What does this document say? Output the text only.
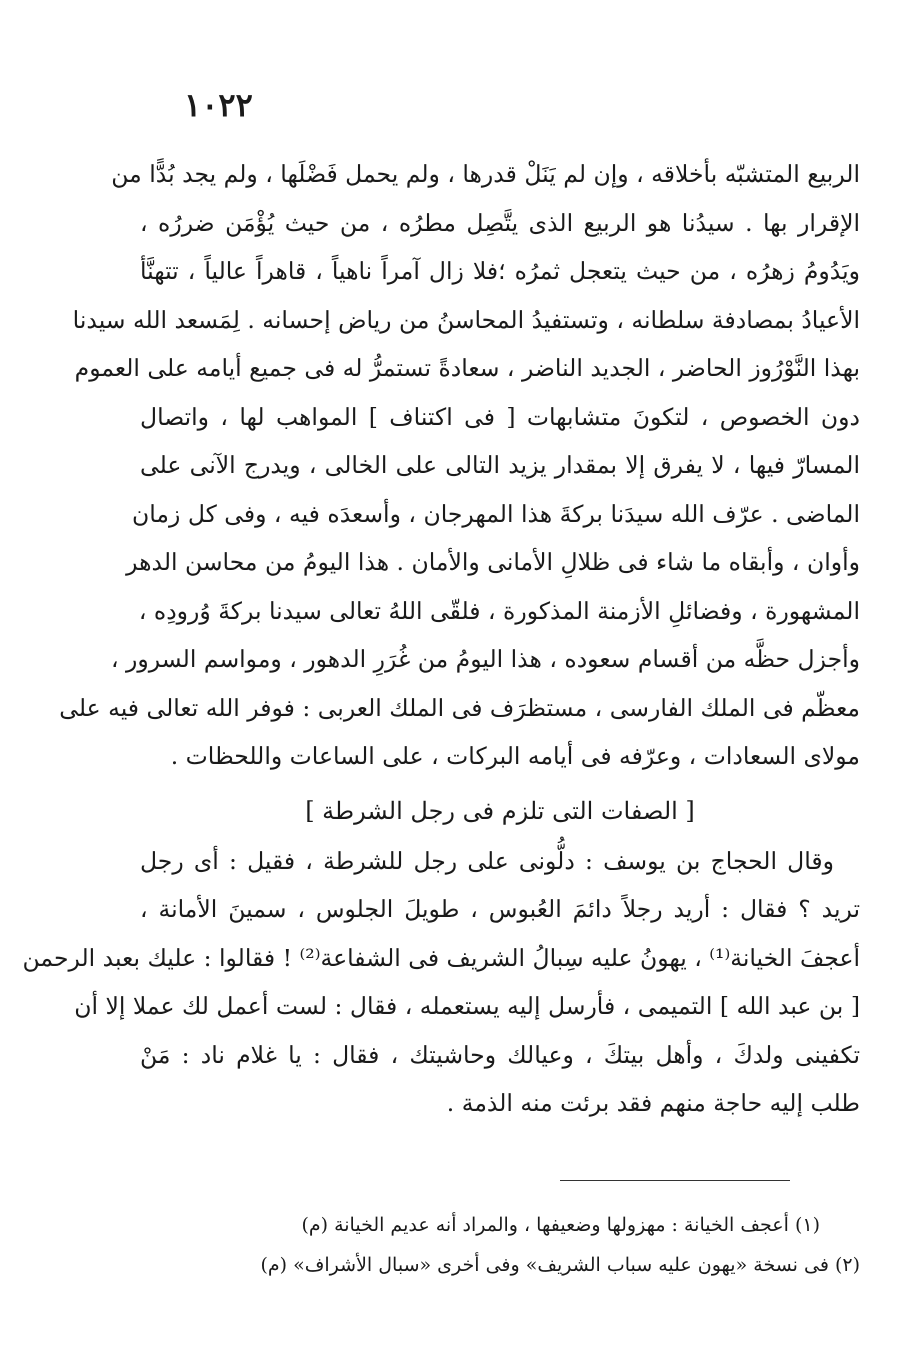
١٠٢٢
الربيع المتشبّه بأخلاقه ، وإن لم يَنَلْ قدرها ، ولم يحمل فَضْلَها ، ولم يجد بُدًّا من
الإقرار بها . سيدُنا هو الربيع الذى يتَّصِل مطرُه ، من حيث يُؤْمَن ضررُه ،
ويَدُومُ زهرُه ، من حيث يتعجل ثمرُه ؛فلا زال آمراً ناهياً ، قاهراً عالياً ، تتهنَّأ
الأعيادُ بمصادفة سلطانه ، وتستفيدُ المحاسنُ من رياض إحسانه . لِمَسعد الله سيدنا
بهذا النَّوْرُوز الحاضر ، الجديد الناضر ، سعادةً تستمرُّ له فى جميع أيامه على العموم
دون الخصوص ، لتكونَ متشابهات [ فى اكتناف ] المواهب لها ، واتصال
المسارّ فيها ، لا يفرق إلا بمقدار يزيد التالى على الخالى ، ويدرج الآنى على
الماضى . عرّف الله سيدَنا بركةَ هذا المهرجان ، وأسعدَه فيه ، وفى كل زمان
وأوان ، وأبقاه ما شاء فى ظلالِ الأمانى والأمان . هذا اليومُ من محاسن الدهر
المشهورة ، وفضائلِ الأزمنة المذكورة ، فلقّى اللهُ تعالى سيدنا بركةَ وُرودِه ،
وأجزل حظَّه من أقسام سعوده ، هذا اليومُ من غُرَرِ الدهور ، ومواسم السرور ،
معظّم فى الملك الفارسى ، مستظرَف فى الملك العربى : فوفر الله تعالى فيه على
مولاى السعادات ، وعرّفه فى أيامه البركات ، على الساعات واللحظات .
[ الصفات التى تلزم فى رجل الشرطة ]
وقال الحجاج بن يوسف : دلُّونى على رجل للشرطة ، فقيل : أى رجل
تريد ؟ فقال : أريد رجلاً دائمَ العُبوس ، طويلَ الجلوس ، سمينَ الأمانة ،
أعجفَ الخيانة⁽¹⁾ ، يهونُ عليه سِبالُ الشريف فى الشفاعة⁽²⁾ ! فقالوا : عليك بعبد الرحمن
[ بن عبد الله ] التميمى ، فأرسل إليه يستعمله ، فقال : لست أعمل لك عملا إلا أن
تكفينى ولدكَ ، وأهل بيتكَ ، وعيالك وحاشيتك ، فقال : يا غلام ناد : مَنْ
طلب إليه حاجة منهم فقد برئت منه الذمة .
(١) أعجف الخيانة : مهزولها وضعيفها ، والمراد أنه عديم الخيانة (م)
(٢) فى نسخة «يهون عليه سباب الشريف» وفى أخرى «سبال الأشراف» (م)
